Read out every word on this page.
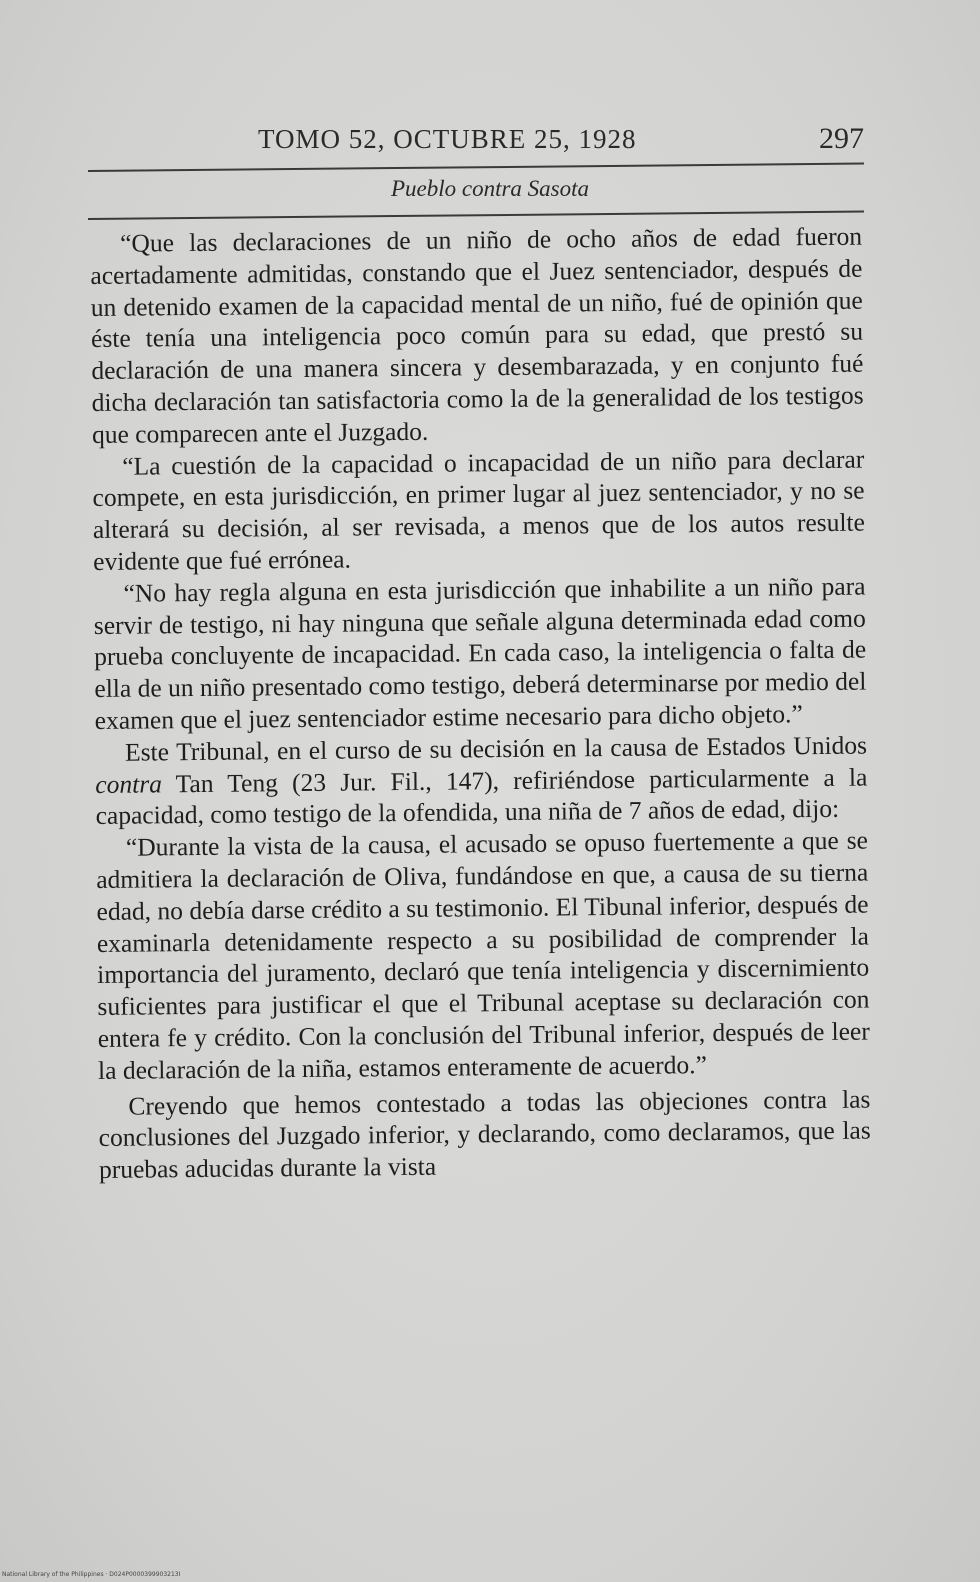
TOMO 52, OCTUBRE 25, 1928	297
Pueblo contra Sasota

“Que las declaraciones de un niño de ocho años de edad fueron acertadamente admitidas, constando que el Juez sentenciador, después de un detenido examen de la capacidad mental de un niño, fué de opinión que éste tenía una inteligencia poco común para su edad, que prestó su declaración de una manera sincera y desembarazada, y en conjunto fué dicha declaración tan satisfactoria como la de la generalidad de los testigos que comparecen ante el Juzgado.

“La cuestión de la capacidad o incapacidad de un niño para declarar compete, en esta jurisdicción, en primer lugar al juez sentenciador, y no se alterará su decisión, al ser revisada, a menos que de los autos resulte evidente que fué errónea.

“No hay regla alguna en esta jurisdicción que inhabilite a un niño para servir de testigo, ni hay ninguna que señale alguna determinada edad como prueba concluyente de incapacidad. En cada caso, la inteligencia o falta de ella de un niño presentado como testigo, deberá determinarse por medio del examen que el juez sentenciador estime necesario para dicho objeto.”

Este Tribunal, en el curso de su decisión en la causa de Estados Unidos contra Tan Teng (23 Jur. Fil., 147), refiriéndose particularmente a la capacidad, como testigo de la ofendida, una niña de 7 años de edad, dijo:

“Durante la vista de la causa, el acusado se opuso fuertemente a que se admitiera la declaración de Oliva, fundándose en que, a causa de su tierna edad, no debía darse crédito a su testimonio. El Tibunal inferior, después de examinarla detenidamente respecto a su posibilidad de comprender la importancia del juramento, declaró que tenía inteligencia y discernimiento suficientes para justificar el que el Tribunal aceptase su declaración con entera fe y crédito. Con la conclusión del Tribunal inferior, después de leer la declaración de la niña, estamos enteramente de acuerdo.”

Creyendo que hemos contestado a todas las objeciones contra las conclusiones del Juzgado inferior, y declarando, como declaramos, que las pruebas aducidas durante la vista

National Library of the Philippines · D024P0000399903213I
